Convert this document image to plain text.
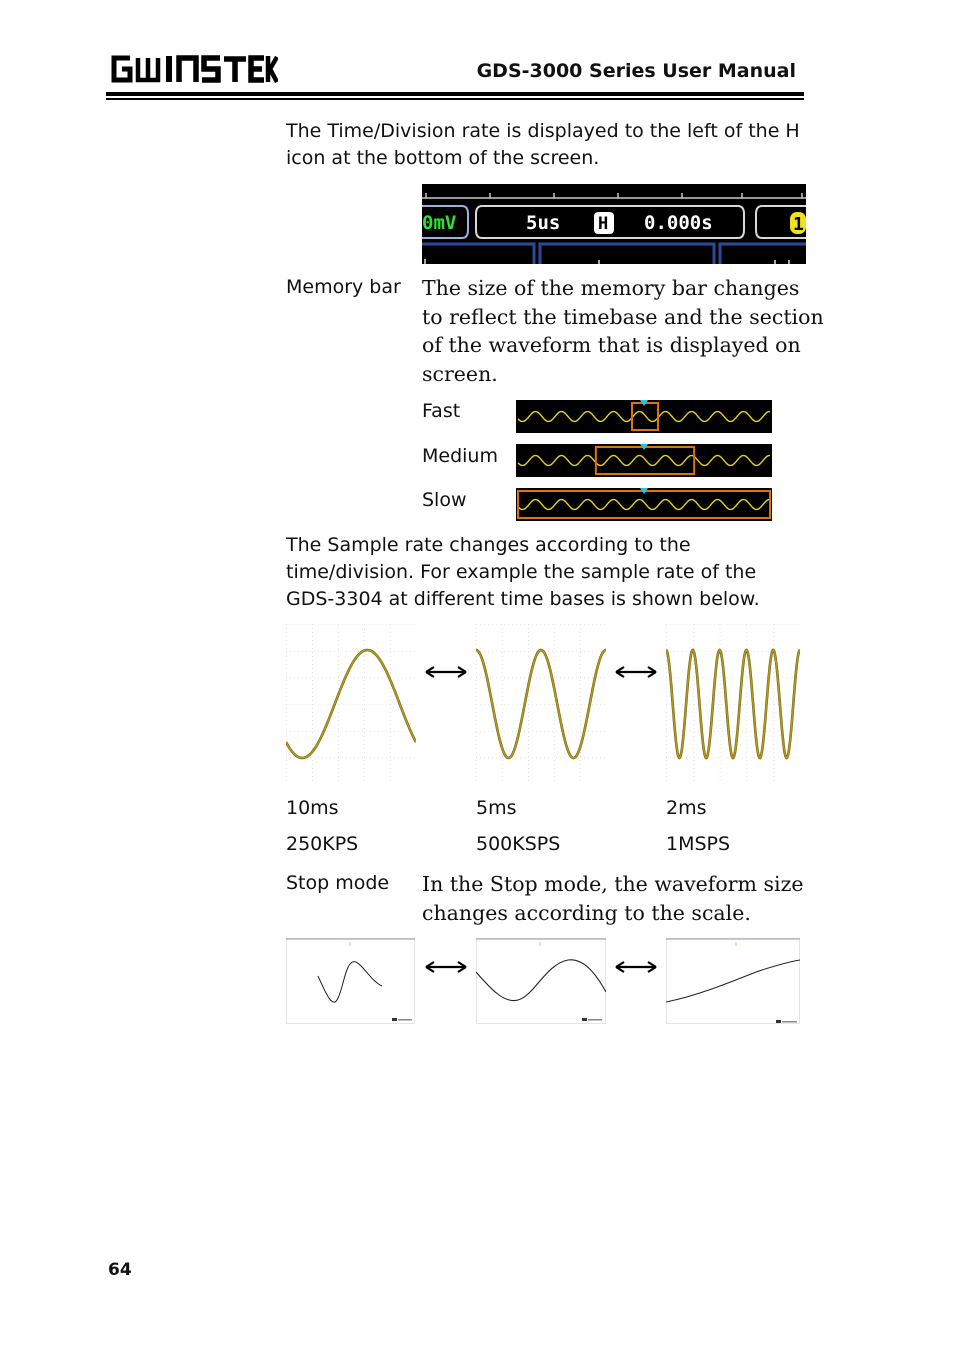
GDS-3000 Series User Manual
The Time/Division rate is displayed to the left of the H
icon at the bottom of the screen.
0mV	5us H 0.000s	1
Memory bar The size of the memory bar changes
to reflect the timebase and the section
of the waveform that is displayed on
screen.
Fast
Medium
Slow
The Sample rate changes according to the
time/division. For example the sample rate of the
GDS-3304 at different time bases is shown below.
10ms	5ms	2ms
250KPS	500KSPS	1MSPS
Stop mode In the Stop mode, the waveform size
changes according to the scale.
64
